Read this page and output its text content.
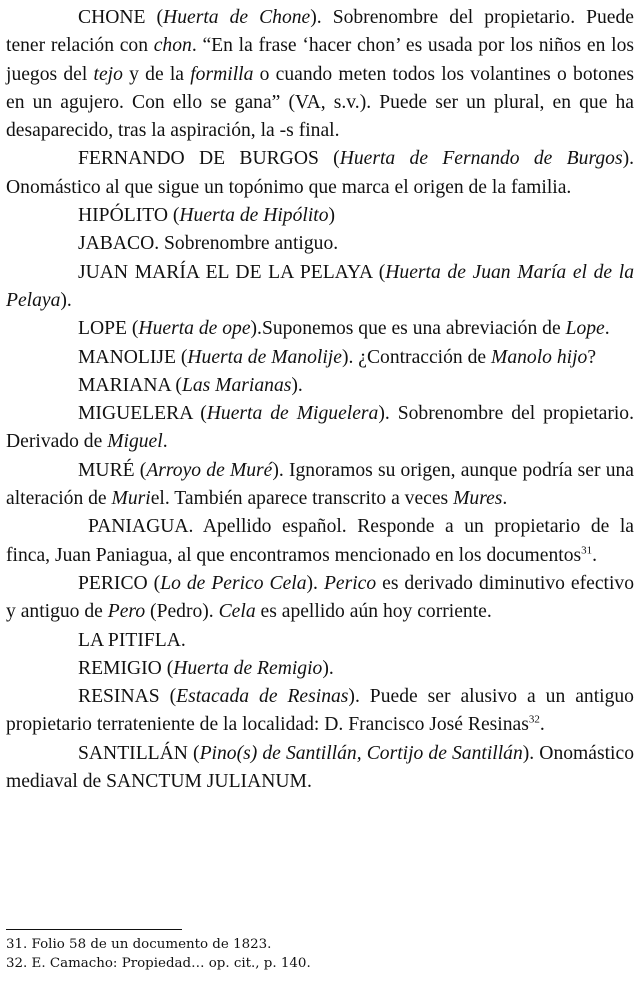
CHONE (Huerta de Chone). Sobrenombre del propietario. Puede tener relación con chon. “En la frase ‘hacer chon’ es usada por los niños en los juegos del tejo y de la formilla o cuando meten todos los volantines o botones en un agujero. Con ello se gana” (VA, s.v.). Puede ser un plural, en que ha desaparecido, tras la aspiración, la -s final.

FERNANDO DE BURGOS (Huerta de Fernando de Burgos). Onomástico al que sigue un topónimo que marca el origen de la familia.

HIPÓLITO (Huerta de Hipólito)

JABACO. Sobrenombre antiguo.

JUAN MARÍA EL DE LA PELAYA (Huerta de Juan María el de la Pelaya).

LOPE (Huerta de ope).Suponemos que es una abreviación de Lope.

MANOLIJE (Huerta de Manolije). ¿Contracción de Manolo hijo?

MARIANA (Las Marianas).

MIGUELERA (Huerta de Miguelera). Sobrenombre del propietario. Derivado de Miguel.

MURÉ (Arroyo de Muré). Ignoramos su origen, aunque podría ser una alteración de Muriel. También aparece transcrito a veces Mures.

PANIAGUA. Apellido español. Responde a un propietario de la finca, Juan Paniagua, al que encontramos mencionado en los documentos$^{31}$.

PERICO (Lo de Perico Cela). Perico es derivado diminutivo efectivo y antiguo de Pero (Pedro). Cela es apellido aún hoy corriente.

LA PITIFLA.

REMIGIO (Huerta de Remigio).

RESINAS (Estacada de Resinas). Puede ser alusivo a un antiguo propietario terrateniente de la localidad: D. Francisco José Resinas$^{32}$.

SANTILLÁN (Pino(s) de Santillán, Cortijo de Santillán). Onomástico mediaval de SANCTUM JULIANUM.

31. Folio 58 de un documento de 1823.
32. E. Camacho: Propiedad… op. cit., p. 140.
